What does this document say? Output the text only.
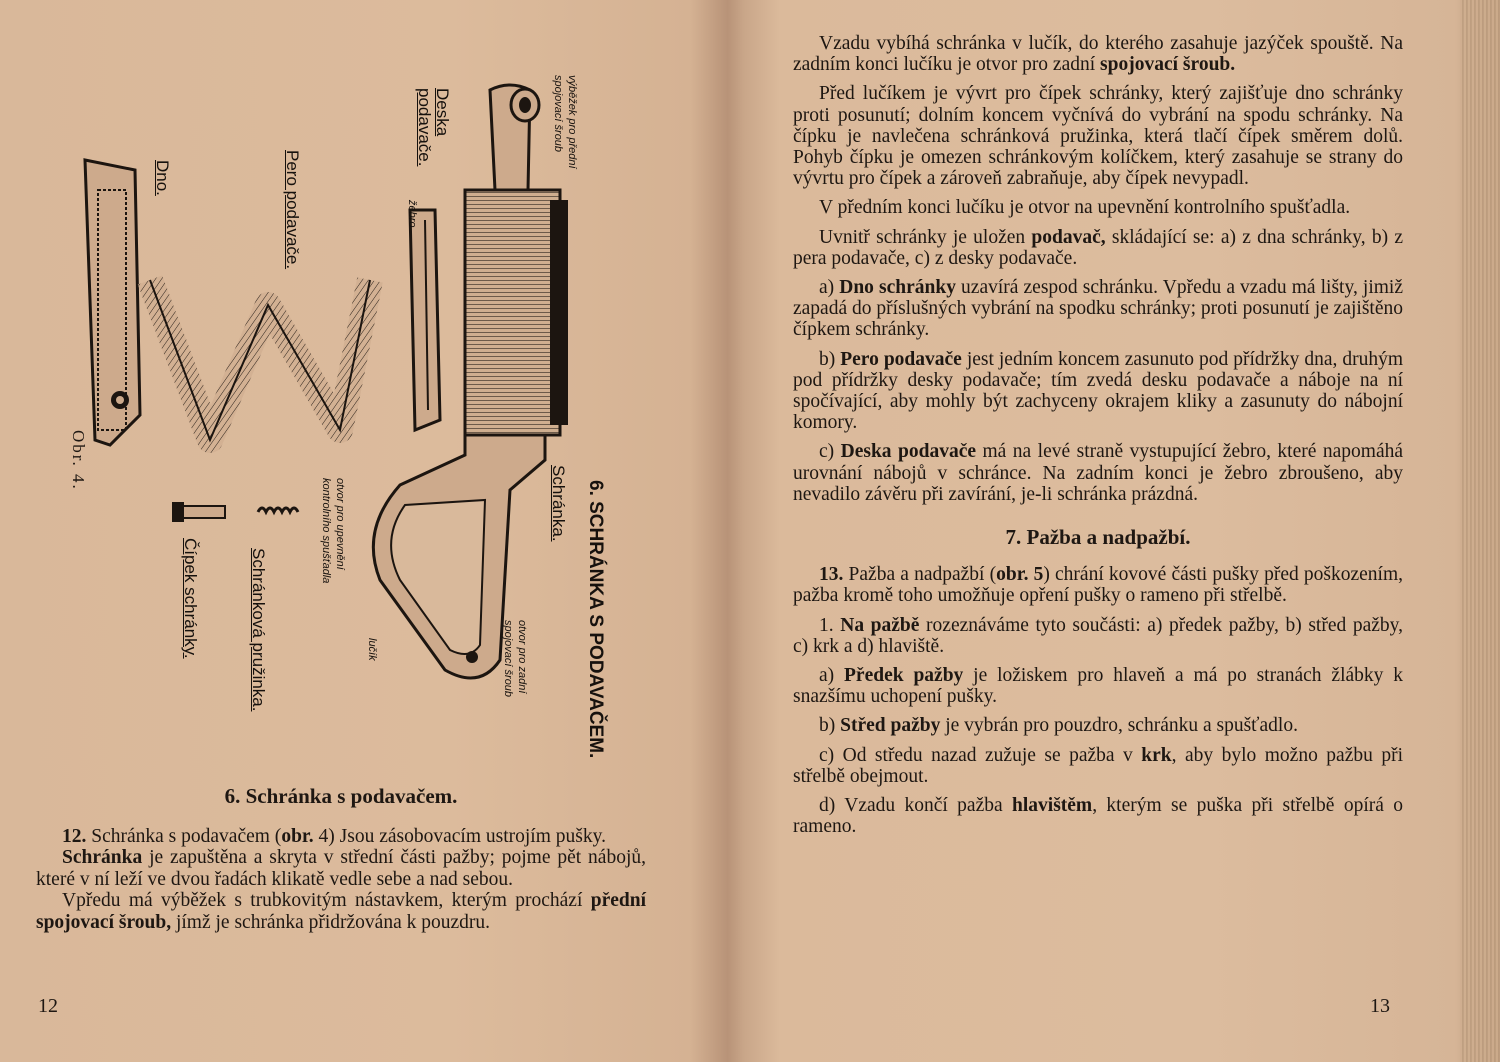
6. SCHRÁNKA S PODAVAČEM.
Dno.	Pero podavače.
Deska
podavače.
žebro
výběžek pro přední
spojovací šroub
Schránka.
otvor pro upevnění
kontrolního spušťadla
lučík	otvor pro zadní
spojovací šroub
Schránková pružinka.
Čípek schránky.
Obr. 4.

6. Schránka s podavačem.

12. Schránka s podavačem (obr. 4) Jsou zásobovacím ustrojím pušky.

Schránka je zapuštěna a skryta v střední části pažby; pojme pět nábojů, které v ní leží ve dvou řadách klikatě vedle sebe a nad sebou.

Vpředu má výběžek s trubkovitým nástavkem, kterým prochází přední spojovací šroub, jímž je schránka přidržována k pouzdru.

12

Vzadu vybíhá schránka v lučík, do kterého zasahuje jazýček spouště. Na zadním konci lučíku je otvor pro zadní spojovací šroub.

Před lučíkem je vývrt pro čípek schránky, který zajišťuje dno schránky proti posunutí; dolním koncem vyčnívá do vybrání na spodu schránky. Na čípku je navlečena schránková pružinka, která tlačí čípek směrem dolů. Pohyb čípku je omezen schránkovým kolíčkem, který zasahuje se strany do vývrtu pro čípek a zároveň zabraňuje, aby čípek nevypadl.

V předním konci lučíku je otvor na upevnění kontrolního spušťadla.

Uvnitř schránky je uložen podavač, skládající se: a) z dna schránky, b) z pera podavače, c) z desky podavače.

a) Dno schránky uzavírá zespod schránku. Vpředu a vzadu má lišty, jimiž zapadá do příslušných vybrání na spodku schránky; proti posunutí je zajištěno čípkem schránky.

b) Pero podavače jest jedním koncem zasunuto pod přídržky dna, druhým pod přídržky desky podavače; tím zvedá desku podavače a náboje na ní spočívající, aby mohly být zachyceny okrajem kliky a zasunuty do nábojní komory.

c) Deska podavače má na levé straně vystupující žebro, které napomáhá urovnání nábojů v schránce. Na zadním konci je žebro zbroušeno, aby nevadilo závěru při zavírání, je-li schránka prázdná.

7. Pažba a nadpažbí.

13. Pažba a nadpažbí (obr. 5) chrání kovové části pušky před poškozením, pažba kromě toho umožňuje opření pušky o rameno při střelbě.

1. Na pažbě rozeznáváme tyto součásti: a) předek pažby, b) střed pažby, c) krk a d) hlaviště.

a) Předek pažby je ložiskem pro hlaveň a má po stranách žlábky k snazšímu uchopení pušky.

b) Střed pažby je vybrán pro pouzdro, schránku a spušťadlo.

c) Od středu nazad zužuje se pažba v krk, aby bylo možno pažbu při střelbě obejmout.

d) Vzadu končí pažba hlavištěm, kterým se puška při střelbě opírá o rameno.

13
